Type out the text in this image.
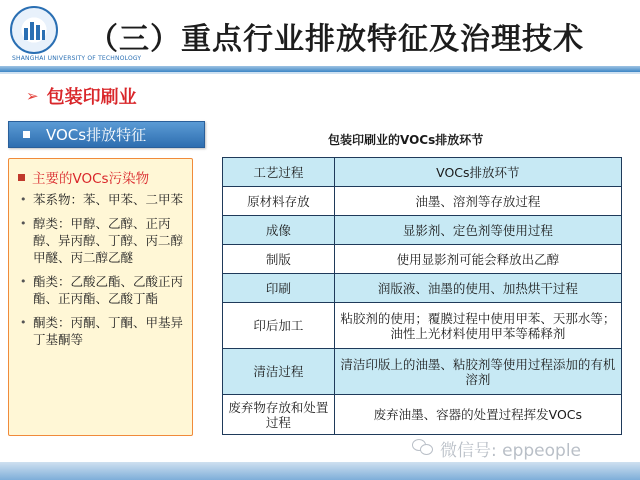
SHANGHAI UNIVERSITY OF TECHNOLOGY
（三）重点行业排放特征及治理技术
➢ 包装印刷业
VOCs排放特征
主要的VOCs污染物
• 苯系物：苯、甲苯、二甲苯
• 醇类：甲醇、乙醇、正丙醇、异丙醇、丁醇、丙二醇甲醚、丙二醇乙醚
• 酯类：乙酸乙酯、乙酸正丙酯、正丙酯、乙酸丁酯
• 酮类：丙酮、丁酮、甲基异丁基酮等
包装印刷业的VOCs排放环节
工艺过程	VOCs排放环节
原材料存放	油墨、溶剂等存放过程
成像	显影剂、定色剂等使用过程
制版	使用显影剂可能会释放出乙醇
印刷	润版液、油墨的使用、加热烘干过程
印后加工	粘胶剂的使用；覆膜过程中使用甲苯、天那水等；油性上光材料使用甲苯等稀释剂
清洁过程	清洁印版上的油墨、粘胶剂等使用过程添加的有机溶剂
废弃物存放和处置过程	废弃油墨、容器的处置过程挥发VOCs
微信号: eppeople
